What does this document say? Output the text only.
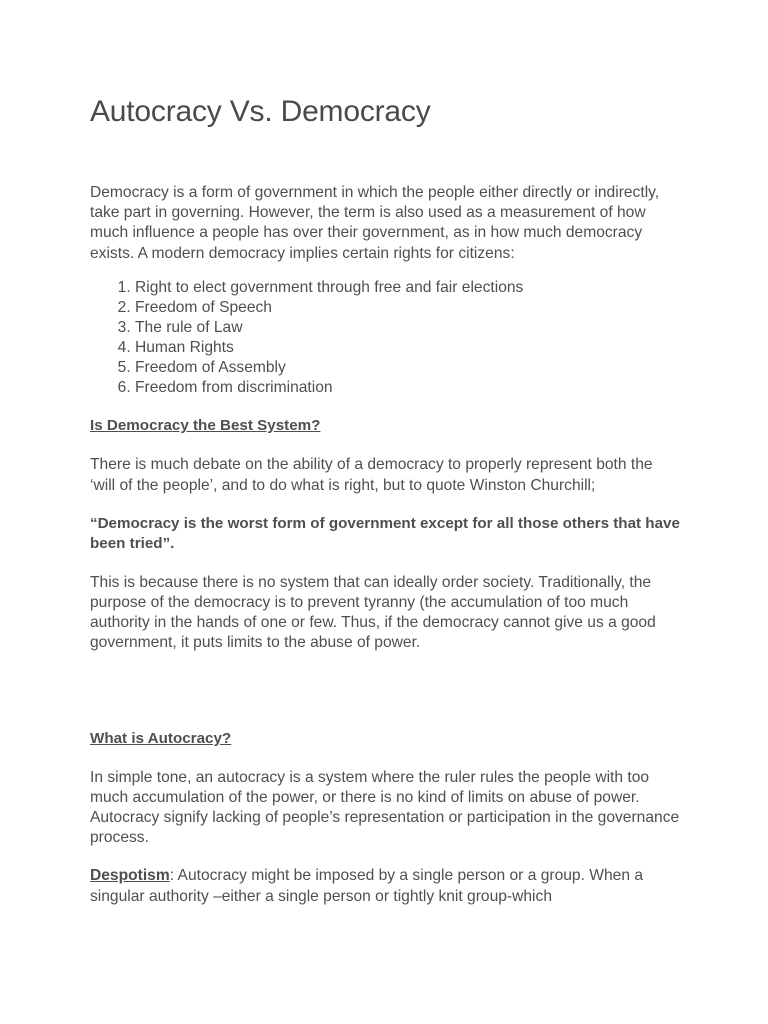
Autocracy Vs. Democracy

Democracy is a form of government in which the people either directly or indirectly, take part in governing. However, the term is also used as a measurement of how much influence a people has over their government, as in how much democracy exists. A modern democracy implies certain rights for citizens:

1. Right to elect government through free and fair elections
2. Freedom of Speech
3. The rule of Law
4. Human Rights
5. Freedom of Assembly
6. Freedom from discrimination

Is Democracy the Best System?

There is much debate on the ability of a democracy to properly represent both the ‘will of the people’, and to do what is right, but to quote Winston Churchill;

“Democracy is the worst form of government except for all those others that have been tried”.

This is because there is no system that can ideally order society. Traditionally, the purpose of the democracy is to prevent tyranny (the accumulation of too much authority in the hands of one or few. Thus, if the democracy cannot give us a good government, it puts limits to the abuse of power.

What is Autocracy?

In simple tone, an autocracy is a system where the ruler rules the people with too much accumulation of the power, or there is no kind of limits on abuse of power. Autocracy signify lacking of people’s representation or participation in the governance process.

Despotism: Autocracy might be imposed by a single person or a group. When a singular authority –either a single person or tightly knit group-which
